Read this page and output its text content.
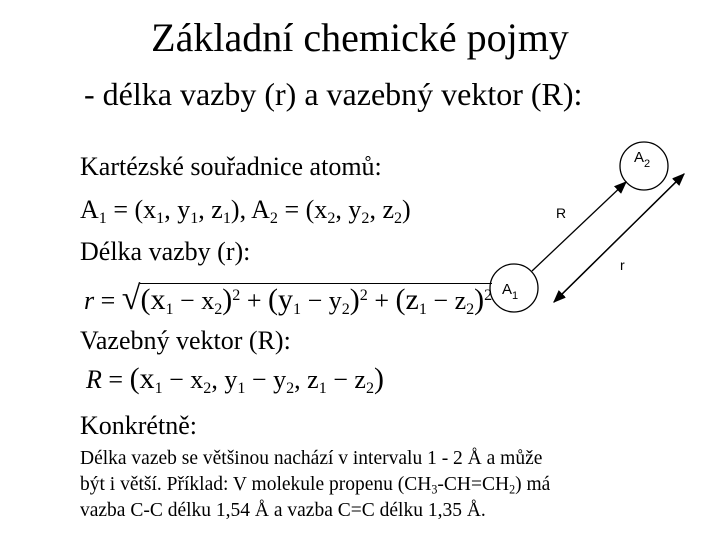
Základní chemické pojmy
- délka vazby (r) a vazebný vektor (R):
Kartézské souřadnice atomů:
$A_1 = (x_1$, $y_1$, $z_1$), $A_2 = (x_2$, $y_2$, $z_2$)
Délka vazby (r):
$r = √(x_1 - x_2)^2 + (y_1 - y_2)^2 + (z_1 - z_2)^2$
Vazebný vektor (R):
$R = (x_1 - x_2$, $y_1 - y_2$, $z_1 - z_2$)
Konkrétně:
Délka vazeb se většinou nachází v intervalu 1 - 2 Å a může
být i větší. Příklad: V molekule propenu $(CH_3-CH=CH_2)$ má
vazba C-C délku 1,54 Å a vazba C=C délku 1,35 Å.
$A_2$
$A_1$
R
r
